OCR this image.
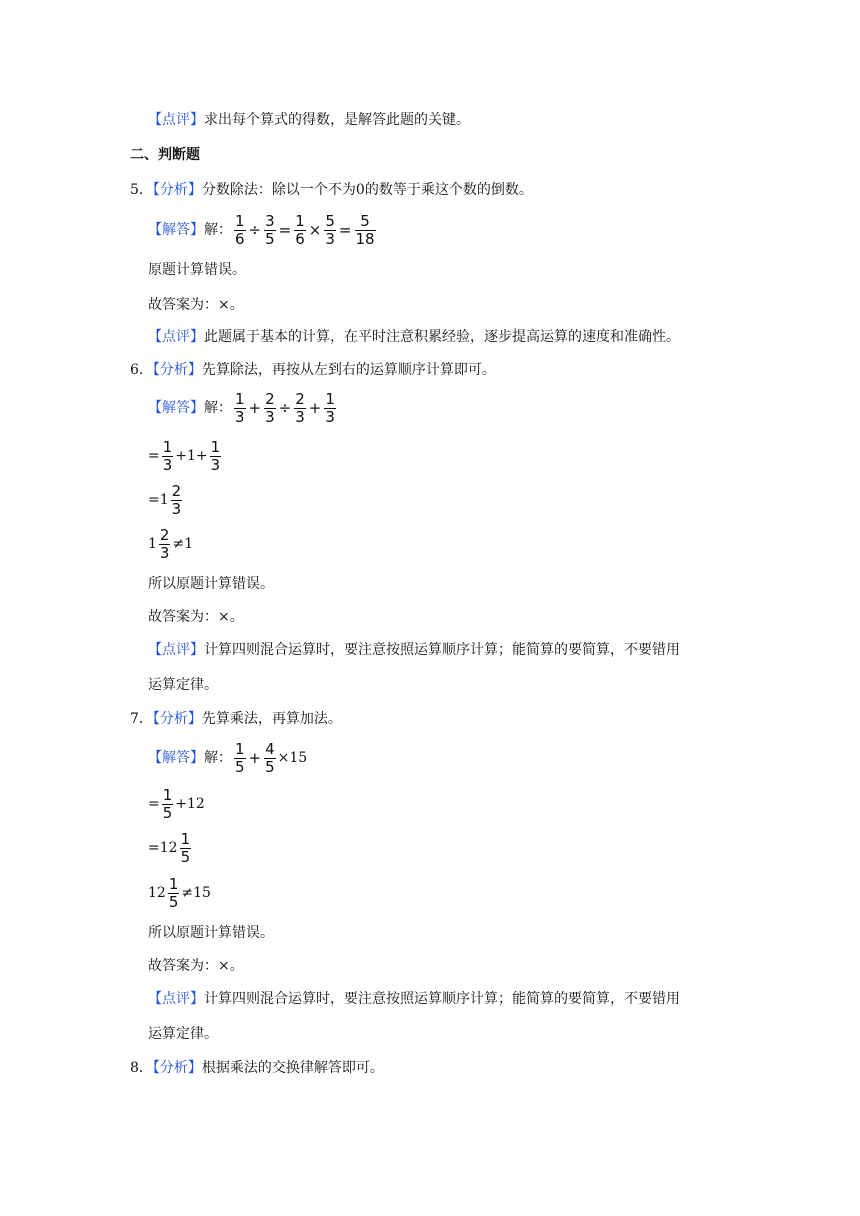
【点评】求出每个算式的得数，是解答此题的关键。
二、判断题
5．【分析】分数除法：除以一个不为0的数等于乘这个数的倒数。
【解答】 解： $\frac{1}{6} \div \frac{3}{5} = \frac{1}{6} \times \frac{5}{3} = \frac{5}{18}$
原题计算错误。
故答案为：×。
【点评】此题属于基本的计算，在平时注意积累经验，逐步提高运算的速度和准确性。
6．【分析】先算除法，再按从左到右的运算顺序计算即可。
【解答】 解：
1
$3 + \frac{2}{3} \div \frac{2}{3} + \frac{1}{3}$
= $\frac{1}{3} +1+ \frac{1}{3}$
= 1
2
3
1
2
3 ≠1
所以原题计算错误。
故答案为：×。
【点评】计算四则混合运算时，要注意按照运算顺序计算；能简算的要简算，不要错用
运算定律。
7．【分析】先算乘法，再算加法。
【解答】 解：
1
$5 + \frac{4}{5} \times 15$
= $\frac{1}{5} +12$
= 12
1
5
12
1
5 ≠15
所以原题计算错误。
故答案为：×。
【点评】计算四则混合运算时，要注意按照运算顺序计算；能简算的要简算，不要错用
运算定律。
8．【分析】根据乘法的交换律解答即可。
